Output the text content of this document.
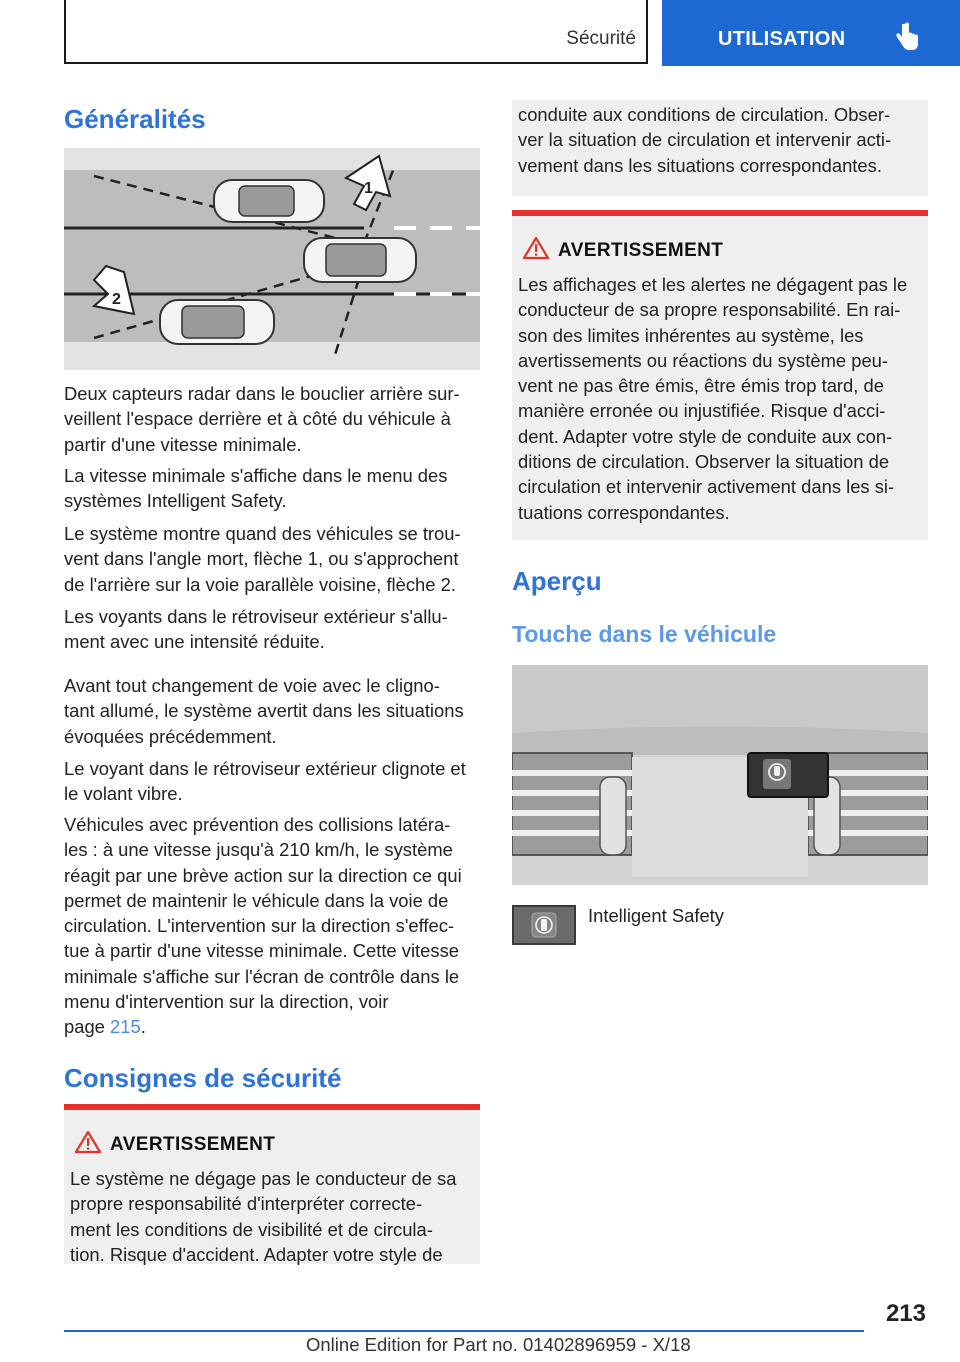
Sécurité	UTILISATION
Généralités
1
2

Deux capteurs radar dans le bouclier arrière sur-
veillent l'espace derrière et à côté du véhicule à
partir d'une vitesse minimale.

La vitesse minimale s'affiche dans le menu des
systèmes Intelligent Safety.

Le système montre quand des véhicules se trou-
vent dans l'angle mort, flèche 1, ou s'approchent
de l'arrière sur la voie parallèle voisine, flèche 2.

Les voyants dans le rétroviseur extérieur s'allu-
ment avec une intensité réduite.

Avant tout changement de voie avec le cligno-
tant allumé, le système avertit dans les situations
évoquées précédemment.

Le voyant dans le rétroviseur extérieur clignote et
le volant vibre.

Véhicules avec prévention des collisions latéra-
les : à une vitesse jusqu'à 210 km/h, le système
réagit par une brève action sur la direction ce qui
permet de maintenir le véhicule dans la voie de
circulation. L'intervention sur la direction s'effec-
tue à partir d'une vitesse minimale. Cette vitesse
minimale s'affiche sur l'écran de contrôle dans le
menu d'intervention sur la direction, voir
page 215.

Consignes de sécurité
AVERTISSEMENT
Le système ne dégage pas le conducteur de sa
propre responsabilité d'interpréter correcte-
ment les conditions de visibilité et de circula-
tion. Risque d'accident. Adapter votre style de
conduite aux conditions de circulation. Obser-
ver la situation de circulation et intervenir acti-
vement dans les situations correspondantes.
AVERTISSEMENT
Les affichages et les alertes ne dégagent pas le
conducteur de sa propre responsabilité. En rai-
son des limites inhérentes au système, les
avertissements ou réactions du système peu-
vent ne pas être émis, être émis trop tard, de
manière erronée ou injustifiée. Risque d'acci-
dent. Adapter votre style de conduite aux con-
ditions de circulation. Observer la situation de
circulation et intervenir activement dans les si-
tuations correspondantes.
Aperçu
Touche dans le véhicule
Intelligent Safety
213
Online Edition for Part no. 01402896959 - X/18
